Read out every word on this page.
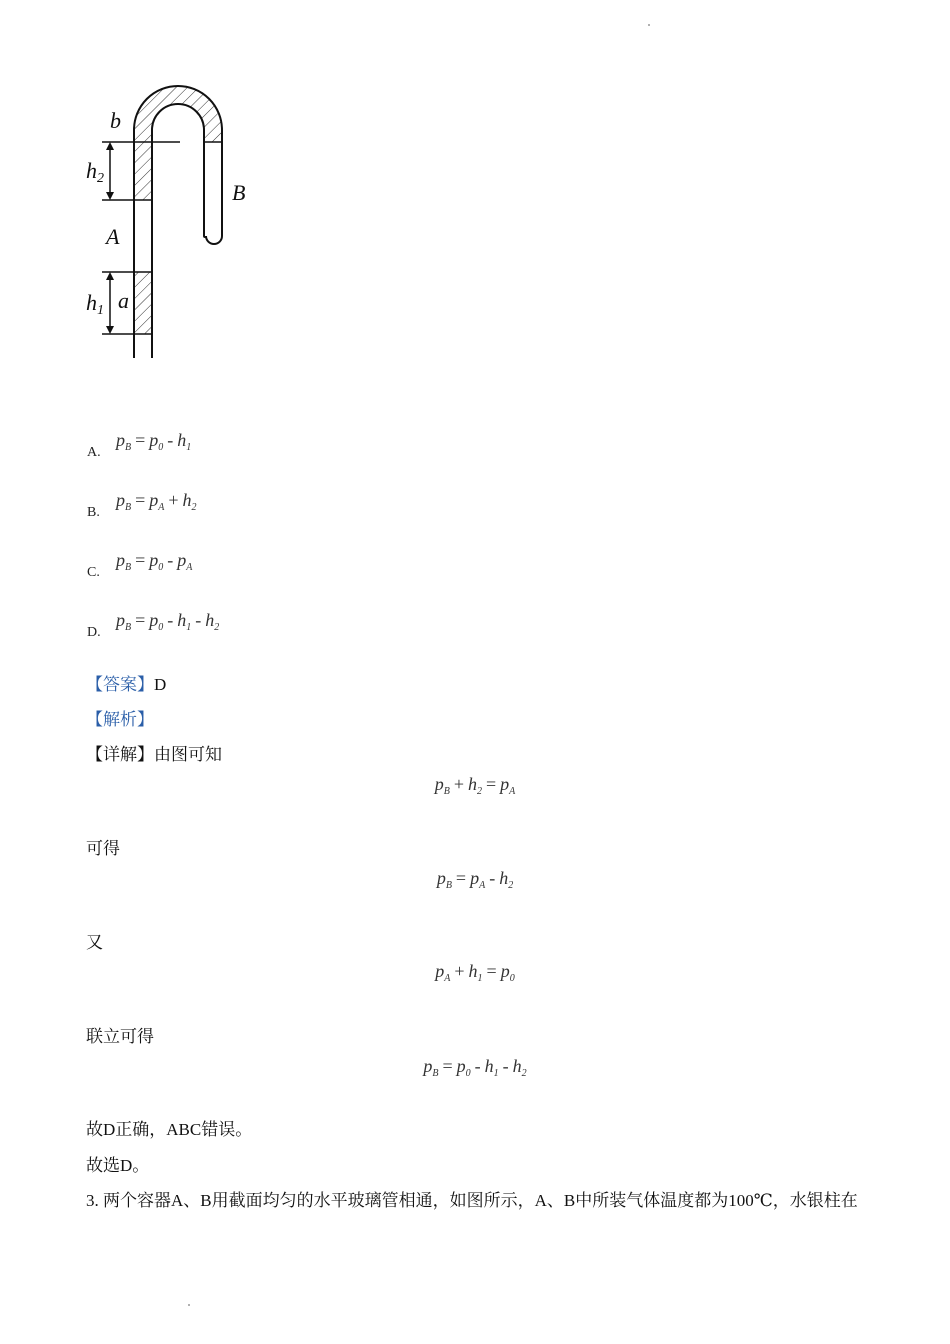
b
$h_2$
B
A
$h_1$ a
A.
$p_B = p_0 - h_1$
B.
$p_B = p_A + h_2$
C.
$p_B = p_0 - p_A$
D.
$p_B = p_0 - h_1 - h_2$
【答案】D
【解析】
【详解】由图可知
$p_B + h_2 = p_A$
可得
$p_B = p_A - h_2$
又
$p_A + h_1 = p_0$
联立可得
$p_B = p_0 - h_1 - h_2$
故D正确，ABC错误。
故选D。
3. 两个容器A、B用截面均匀的水平玻璃管相通，如图所示，A、B中所装气体温度都为100℃，水银柱在
